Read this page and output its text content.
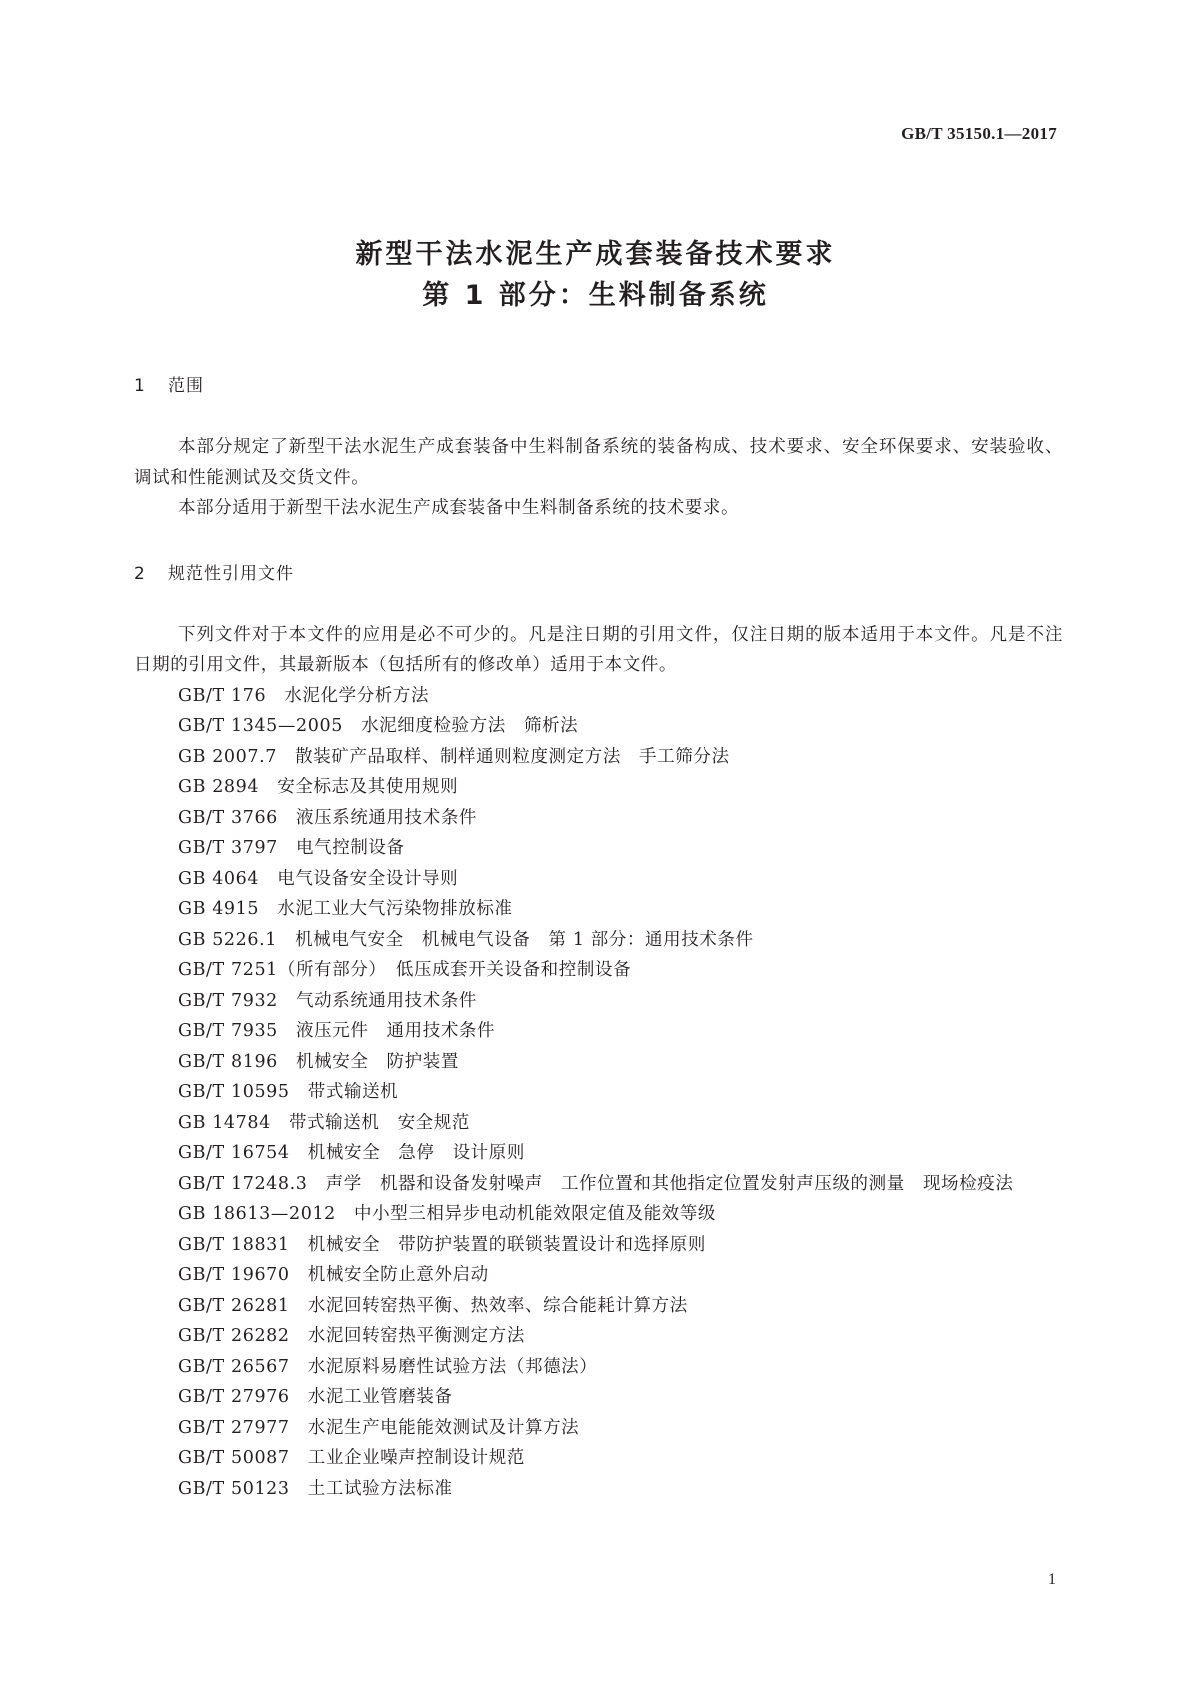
GB/T 35150.1—2017
新型干法水泥生产成套装备技术要求
第 1 部分：生料制备系统
1 范围

本部分规定了新型干法水泥生产成套装备中生料制备系统的装备构成、技术要求、安全环保要求、安装验收、调试和性能测试及交货文件。

本部分适用于新型干法水泥生产成套装备中生料制备系统的技术要求。

2 规范性引用文件

下列文件对于本文件的应用是必不可少的。凡是注日期的引用文件，仅注日期的版本适用于本文件。凡是不注日期的引用文件，其最新版本（包括所有的修改单）适用于本文件。

GB/T 176　 水泥化学分析方法
GB/T 1345—2005　 水泥细度检验方法　筛析法
GB 2007.7　 散装矿产品取样、制样通则粒度测定方法　手工筛分法
GB 2894　 安全标志及其使用规则
GB/T 3766　 液压系统通用技术条件
GB/T 3797　 电气控制设备
GB 4064　 电气设备安全设计导则
GB 4915　 水泥工业大气污染物排放标准
GB 5226.1　 机械电气安全　机械电气设备　第 1 部分：通用技术条件
GB/T 7251（所有部分）　 低压成套开关设备和控制设备
GB/T 7932　 气动系统通用技术条件
GB/T 7935　 液压元件　通用技术条件
GB/T 8196　 机械安全　防护装置
GB/T 10595　 带式输送机
GB 14784　 带式输送机　安全规范
GB/T 16754　 机械安全　急停　设计原则
GB/T 17248.3　 声学　机器和设备发射噪声　工作位置和其他指定位置发射声压级的测量　现场检疫法
GB 18613—2012　 中小型三相异步电动机能效限定值及能效等级
GB/T 18831　 机械安全　带防护装置的联锁装置设计和选择原则
GB/T 19670　 机械安全防止意外启动
GB/T 26281　 水泥回转窑热平衡、热效率、综合能耗计算方法
GB/T 26282　 水泥回转窑热平衡测定方法
GB/T 26567　 水泥原料易磨性试验方法（邦德法）
GB/T 27976　 水泥工业管磨装备
GB/T 27977　 水泥生产电能能效测试及计算方法
GB/T 50087　 工业企业噪声控制设计规范
GB/T 50123　 土工试验方法标准
1
